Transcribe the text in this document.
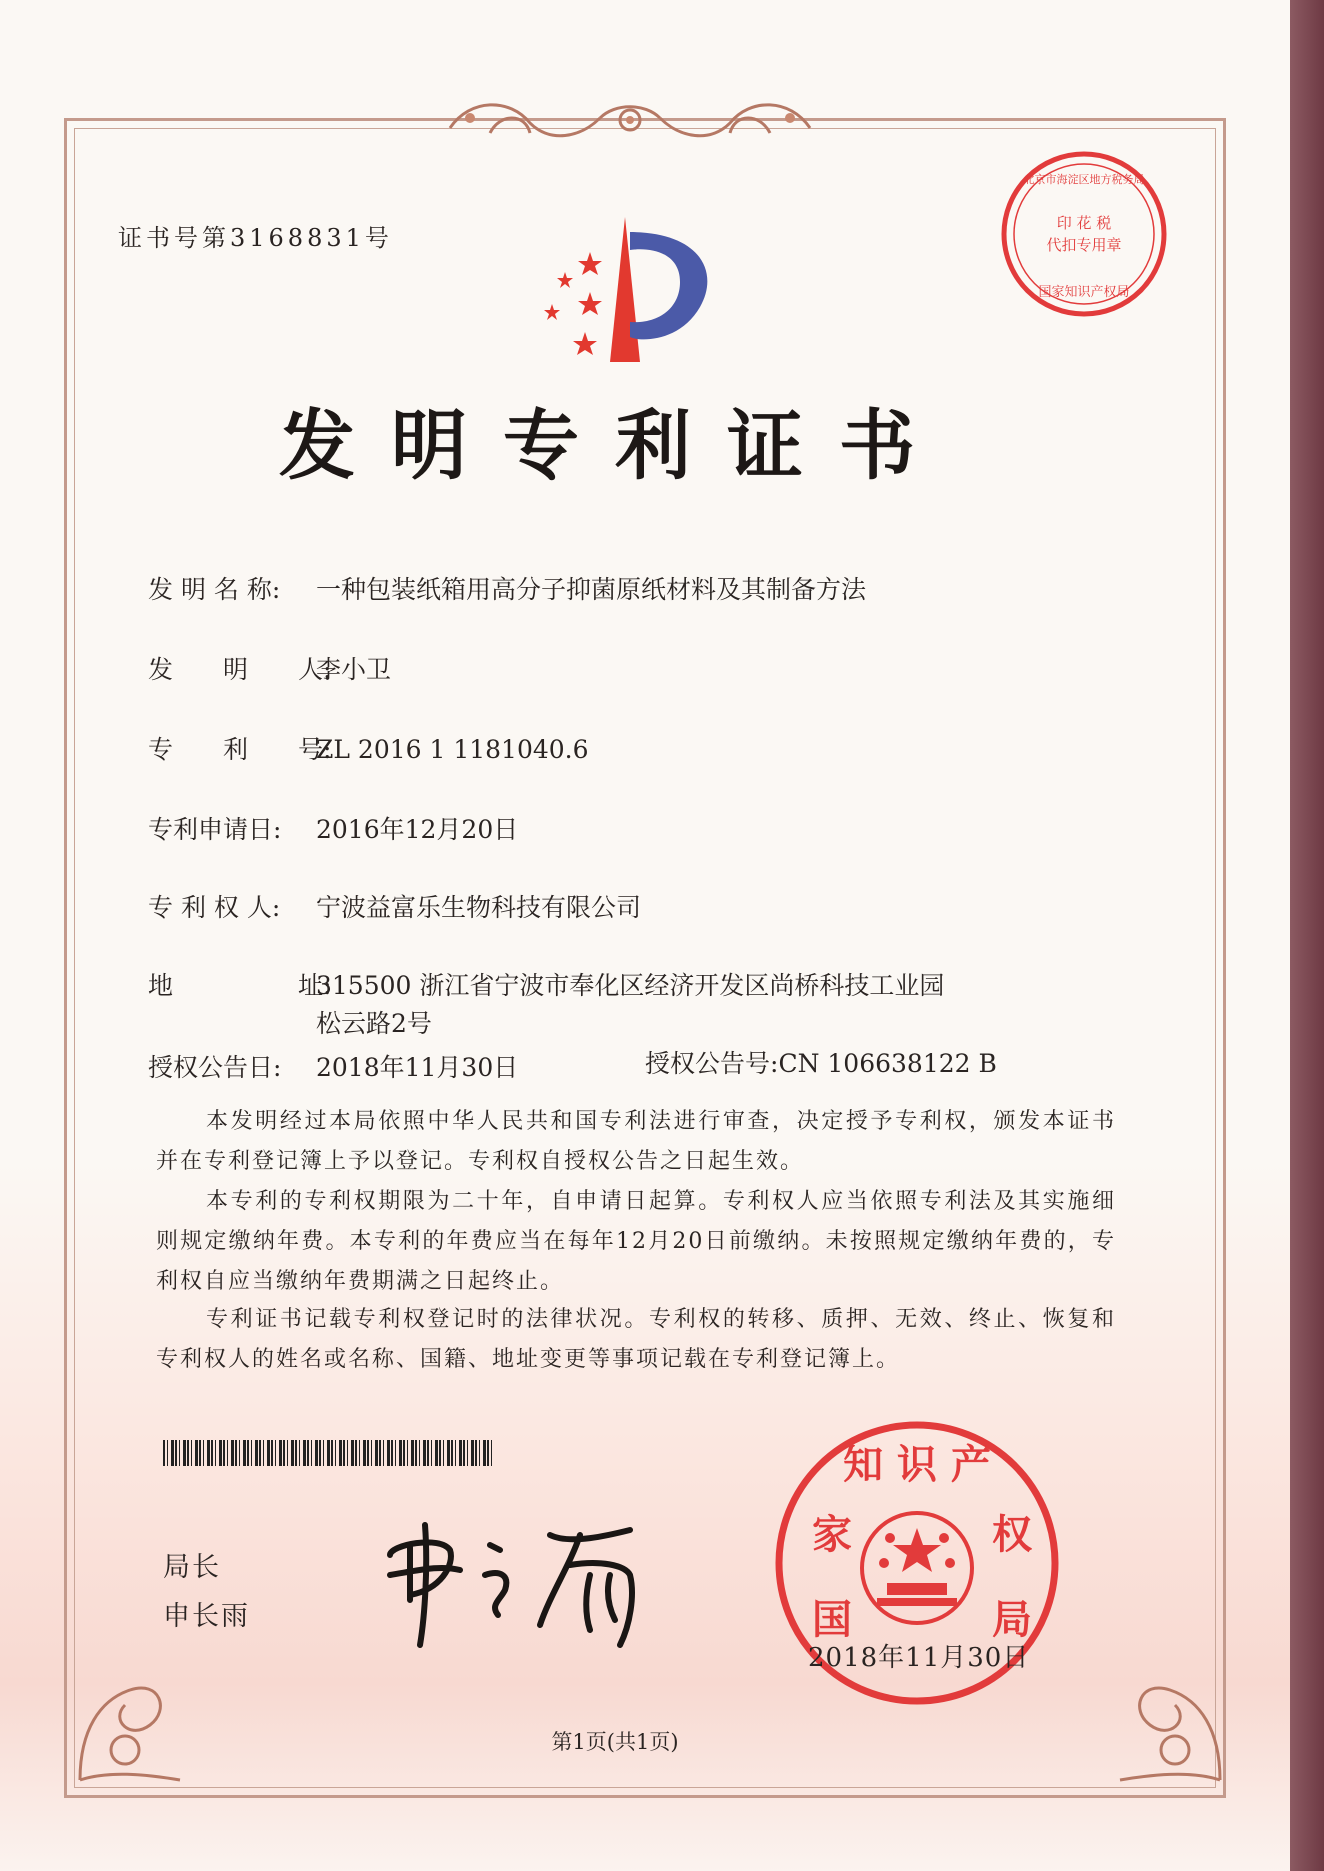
证书号第3168831号
印 花 税
代扣专用章
北京市海淀区地方税务局
国家知识产权局
发明专利证书
发 明 名 称: 一种包装纸箱用高分子抑菌原纸材料及其制备方法
发　　明　　人:李小卫
专　　利　　号:ZL 2016 1 1181040.6
专利申请日: 2016年12月20日
专 利 权 人: 宁波益富乐生物科技有限公司
地　　　　　址:315500 浙江省宁波市奉化区经济开发区尚桥科技工业园
松云路2号
授权公告日: 2018年11月30日	授权公告号:CN 106638122 B
本发明经过本局依照中华人民共和国专利法进行审查，决定授予专利权，颁发本证书并在专利登记簿上予以登记。专利权自授权公告之日起生效。
本专利的专利权期限为二十年，自申请日起算。专利权人应当依照专利法及其实施细则规定缴纳年费。本专利的年费应当在每年12月20日前缴纳。未按照规定缴纳年费的，专利权自应当缴纳年费期满之日起终止。
专利证书记载专利权登记时的法律状况。专利权的转移、质押、无效、终止、恢复和专利权人的姓名或名称、国籍、地址变更等事项记载在专利登记簿上。
局长
申长雨
知 识 产
家	权
国	局
2018年11月30日
第1页(共1页)
